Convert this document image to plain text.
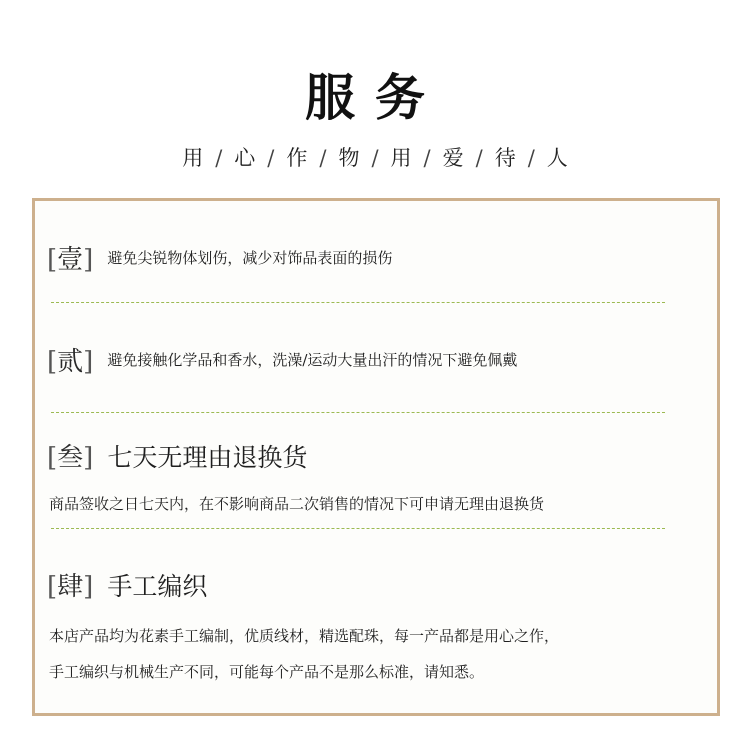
服务
用 / 心 / 作 / 物 / 用 / 爱 / 待 / 人
[壹] 避免尖锐物体划伤，减少对饰品表面的损伤
[贰] 避免接触化学品和香水，洗澡/运动大量出汗的情况下避免佩戴
[叁] 七天无理由退换货
商品签收之日七天内，在不影响商品二次销售的情况下可申请无理由退换货
[肆] 手工编织
本店产品均为花素手工编制，优质线材，精选配珠，每一产品都是用心之作，
手工编织与机械生产不同，可能每个产品不是那么标准，请知悉。
